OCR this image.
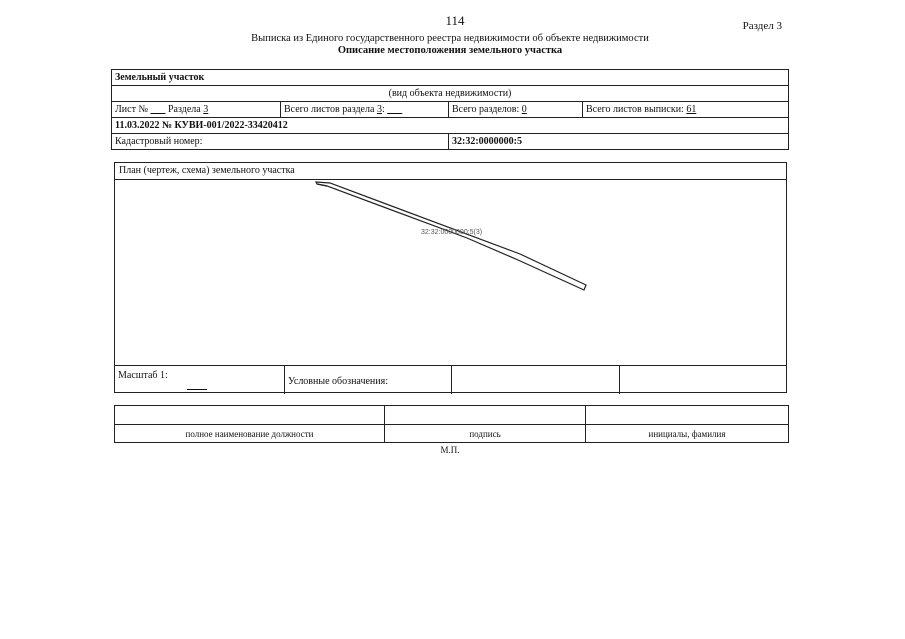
114	Раздел 3
Выписка из Единого государственного реестра недвижимости об объекте недвижимости
Описание местоположения земельного участка
Земельный участок			
(вид объекта недвижимости)			
Лист № ___ Раздела 3	Всего листов раздела 3: ___	Всего разделов: 0	Всего листов выписки: 61
11.03.2022 № КУВИ-001/2022-33420412			
Кадастровый номер:		32:32:0000000:5	
План (чертеж, схема) земельного участка
32:32:0000000:5(3)
Масштаб 1:
____	Условные обозначения:

полное наименование должности	подпись	инициалы, фамилия
М.П.
